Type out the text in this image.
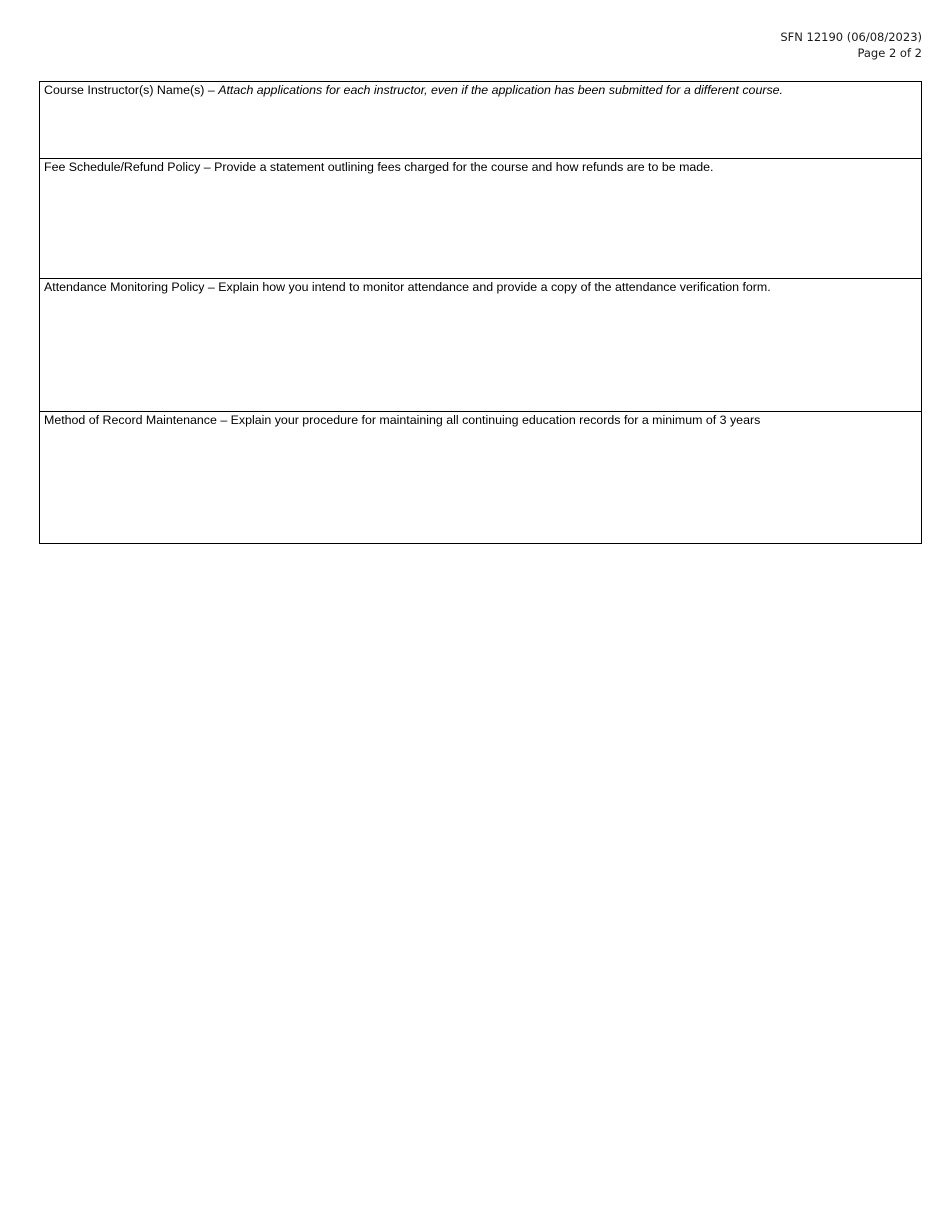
SFN 12190 (06/08/2023)
Page 2 of 2
Course Instructor(s) Name(s) – Attach applications for each instructor, even if the application has been submitted for a different course.
Fee Schedule/Refund Policy – Provide a statement outlining fees charged for the course and how refunds are to be made.
Attendance Monitoring Policy – Explain how you intend to monitor attendance and provide a copy of the attendance verification form.
Method of Record Maintenance – Explain your procedure for maintaining all continuing education records for a minimum of 3 years
